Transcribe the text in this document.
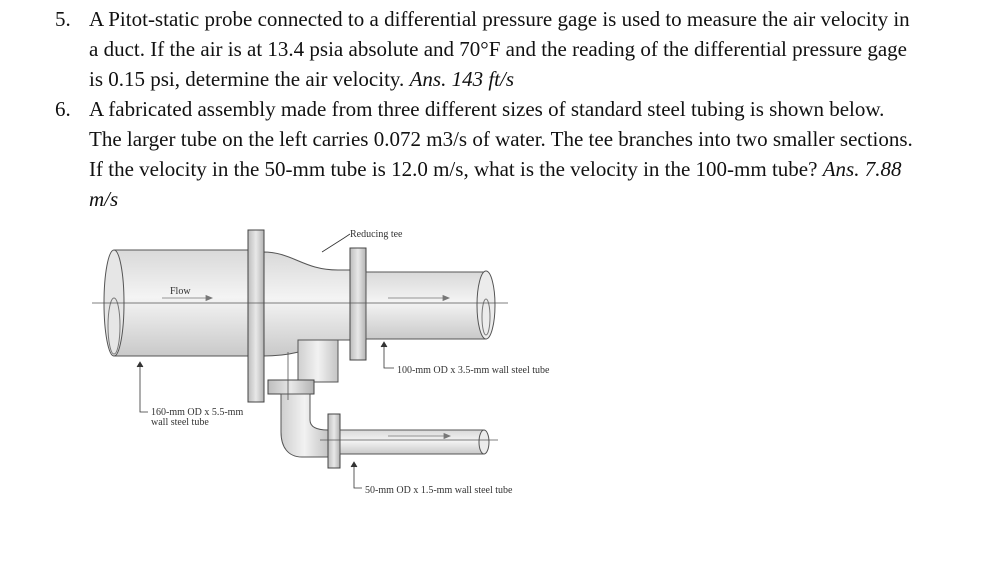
5. A Pitot-static probe connected to a differential pressure gage is used to measure the air velocity in a duct. If the air is at 13.4 psia absolute and 70°F and the reading of the differential pressure gage is 0.15 psi, determine the air velocity. Ans. 143 ft/s
6. A fabricated assembly made from three different sizes of standard steel tubing is shown below. The larger tube on the left carries 0.072 m3/s of water. The tee branches into two smaller sections. If the velocity in the 50-mm tube is 12.0 m/s, what is the velocity in the 100-mm tube? Ans. 7.88 m/s
Reducing tee
Flow
100-mm OD x 3.5-mm wall steel tube
160-mm OD x 5.5-mm
wall steel tube
50-mm OD x 1.5-mm wall steel tube
